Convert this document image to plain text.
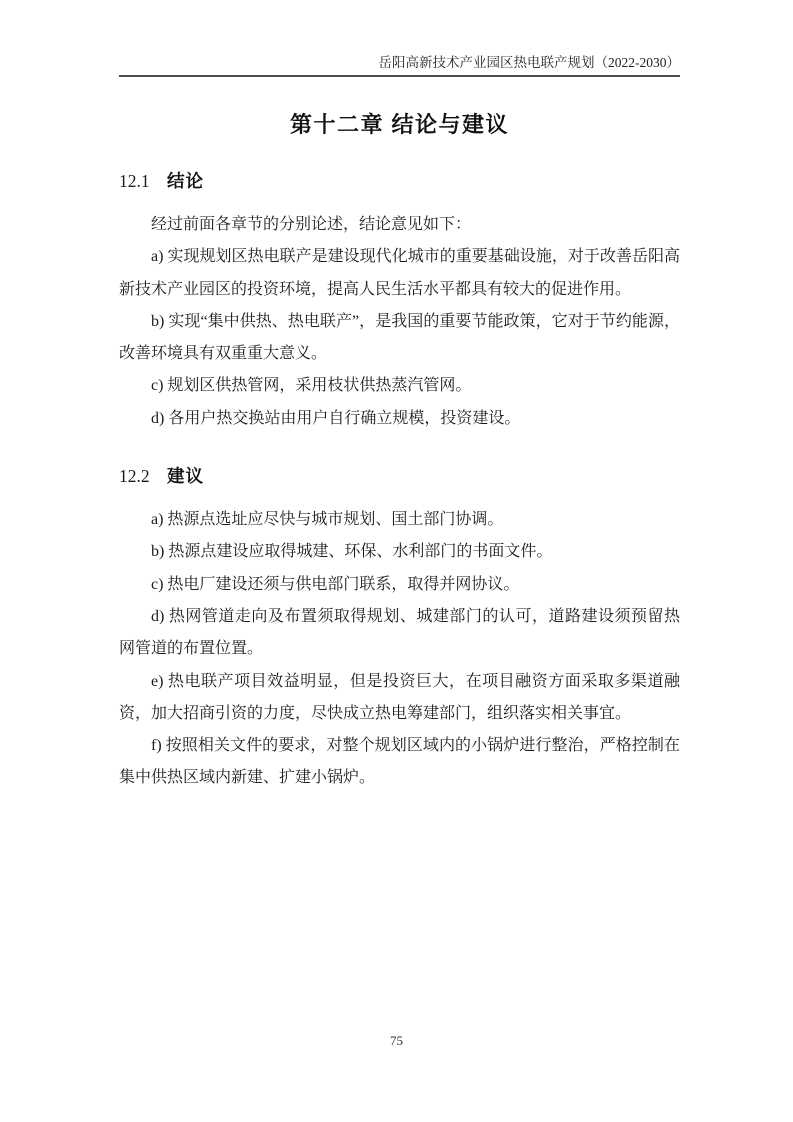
岳阳高新技术产业园区热电联产规划（2022-2030）
第十二章 结论与建议
12.1 结论

经过前面各章节的分别论述，结论意见如下：

a) 实现规划区热电联产是建设现代化城市的重要基础设施，对于改善岳阳高新技术产业园区的投资环境，提高人民生活水平都具有较大的促进作用。

b) 实现“集中供热、热电联产”，是我国的重要节能政策，它对于节约能源，改善环境具有双重重大意义。

c) 规划区供热管网，采用枝状供热蒸汽管网。

d) 各用户热交换站由用户自行确立规模，投资建设。

12.2 建议

a) 热源点选址应尽快与城市规划、国土部门协调。

b) 热源点建设应取得城建、环保、水利部门的书面文件。

c) 热电厂建设还须与供电部门联系，取得并网协议。

d) 热网管道走向及布置须取得规划、城建部门的认可，道路建设须预留热网管道的布置位置。

e) 热电联产项目效益明显，但是投资巨大，在项目融资方面采取多渠道融资，加大招商引资的力度，尽快成立热电筹建部门，组织落实相关事宜。

f) 按照相关文件的要求，对整个规划区域内的小锅炉进行整治，严格控制在集中供热区域内新建、扩建小锅炉。

75
